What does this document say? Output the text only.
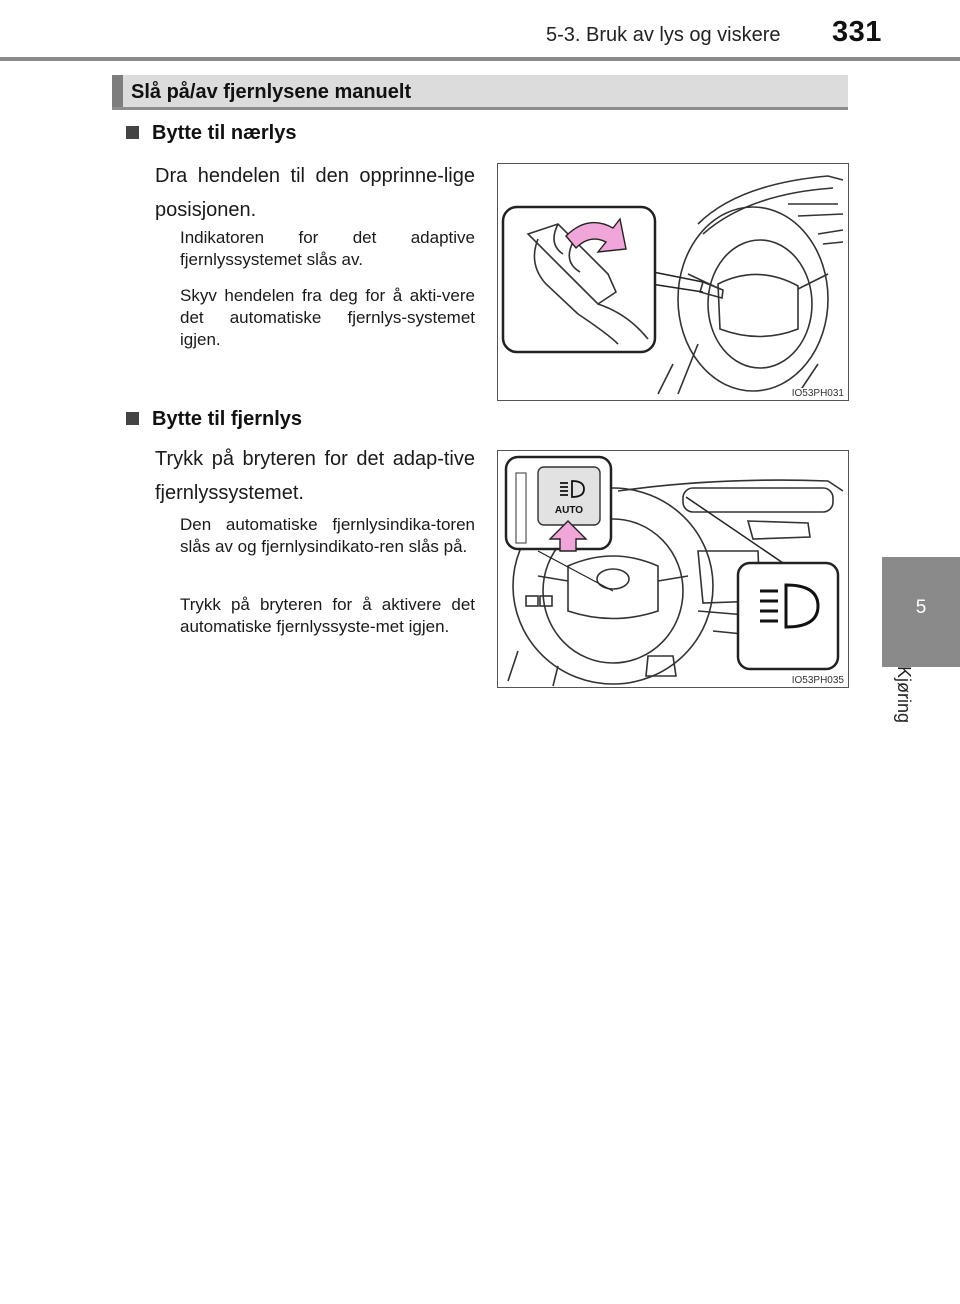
5-3. Bruk av lys og viskere 331
5
Kjøring
Slå på/av fjernlysene manuelt
Bytte til nærlys
Dra hendelen til den opprinne-lige posisjonen.
Indikatoren for det adaptive fjernlyssystemet slås av.
Skyv hendelen fra deg for å akti-vere det automatiske fjernlys-systemet igjen.
IO53PH031
Bytte til fjernlys
Trykk på bryteren for det adap-tive fjernlyssystemet.
Den automatiske fjernlysindika-toren slås av og fjernlysindikato-ren slås på.
Trykk på bryteren for å aktivere det automatiske fjernlyssyste-met igjen.
AUTO
IO53PH035
